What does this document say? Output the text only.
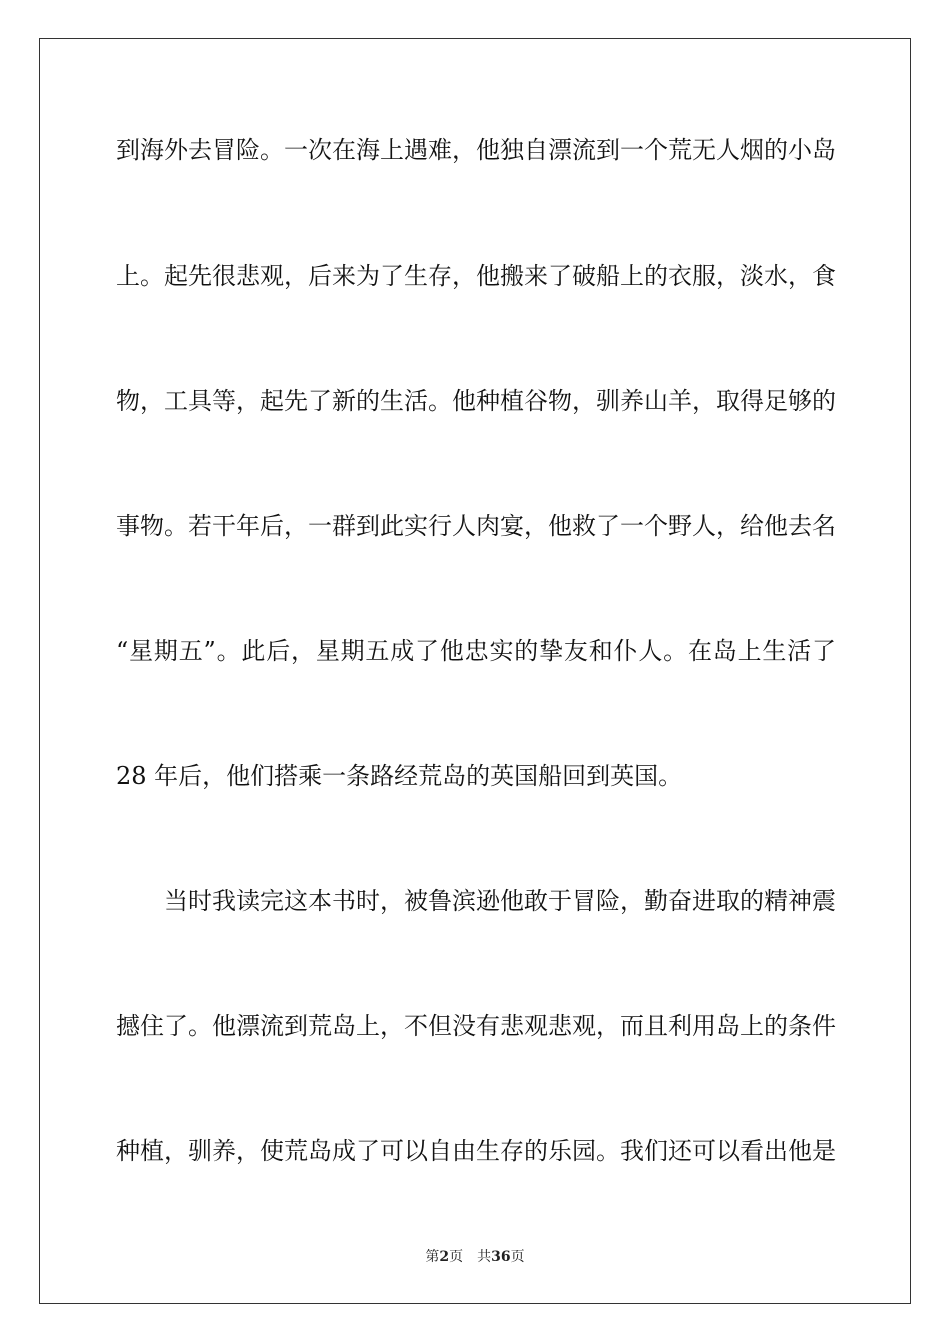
到海外去冒险。一次在海上遇难，他独自漂流到一个荒无人烟的小岛
上。起先很悲观，后来为了生存，他搬来了破船上的衣服，淡水，食
物，工具等，起先了新的生活。他种植谷物，驯养山羊，取得足够的
事物。若干年后，一群到此实行人肉宴，他救了一个野人，给他去名
“星期五”。此后，星期五成了他忠实的挚友和仆人。在岛上生活了
28 年后，他们搭乘一条路经荒岛的英国船回到英国。
当时我读完这本书时，被鲁滨逊他敢于冒险，勤奋进取的精神震
撼住了。他漂流到荒岛上，不但没有悲观悲观，而且利用岛上的条件
种植，驯养，使荒岛成了可以自由生存的乐园。我们还可以看出他是
第2页 共36页
